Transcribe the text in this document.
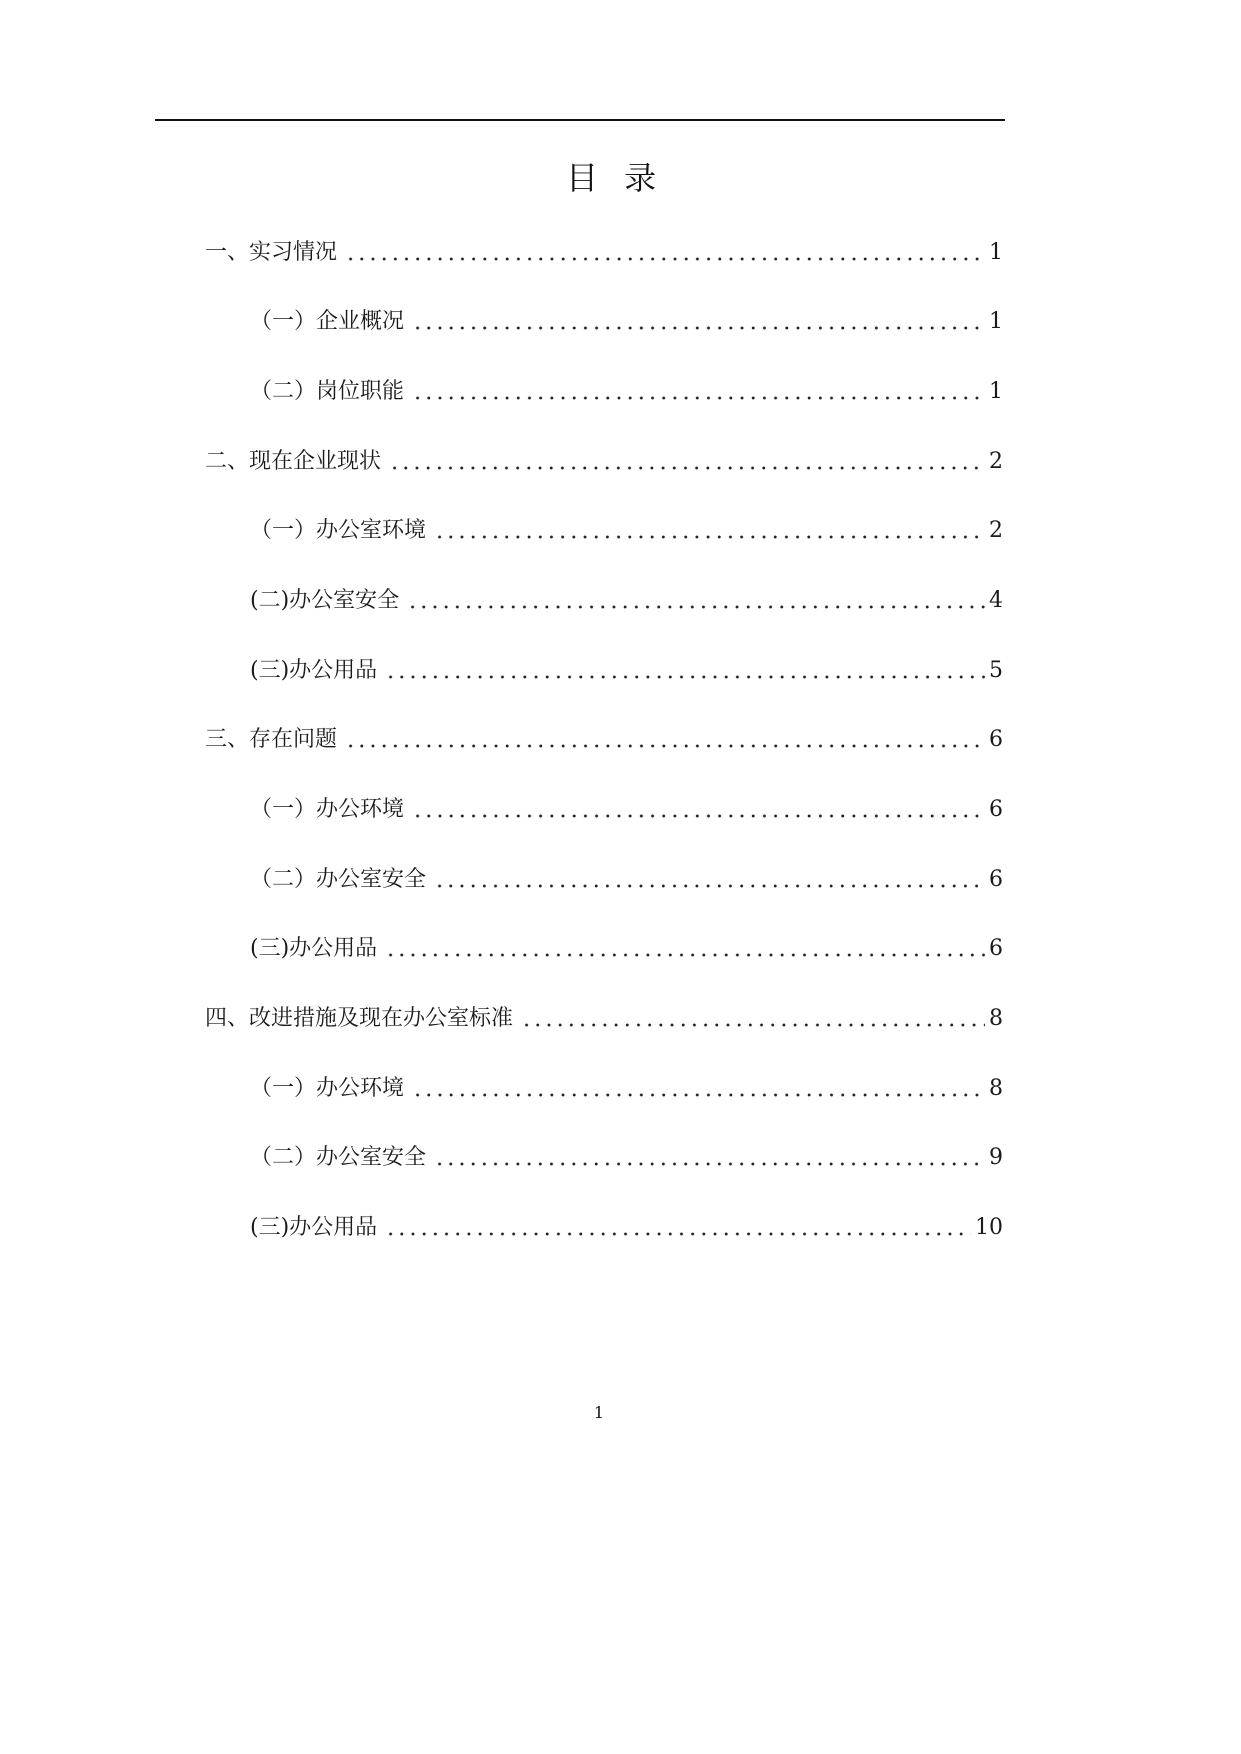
目 录
一、实习情况	1
（一）企业概况	1
（二）岗位职能	1
二、现在企业现状	2
（一）办公室环境	2
(二)办公室安全	4
(三)办公用品	5
三、存在问题	6
（一）办公环境	6
（二）办公室安全	6
(三)办公用品	6
四、改进措施及现在办公室标准	8
（一）办公环境	8
（二）办公室安全	9
(三)办公用品	10
1
